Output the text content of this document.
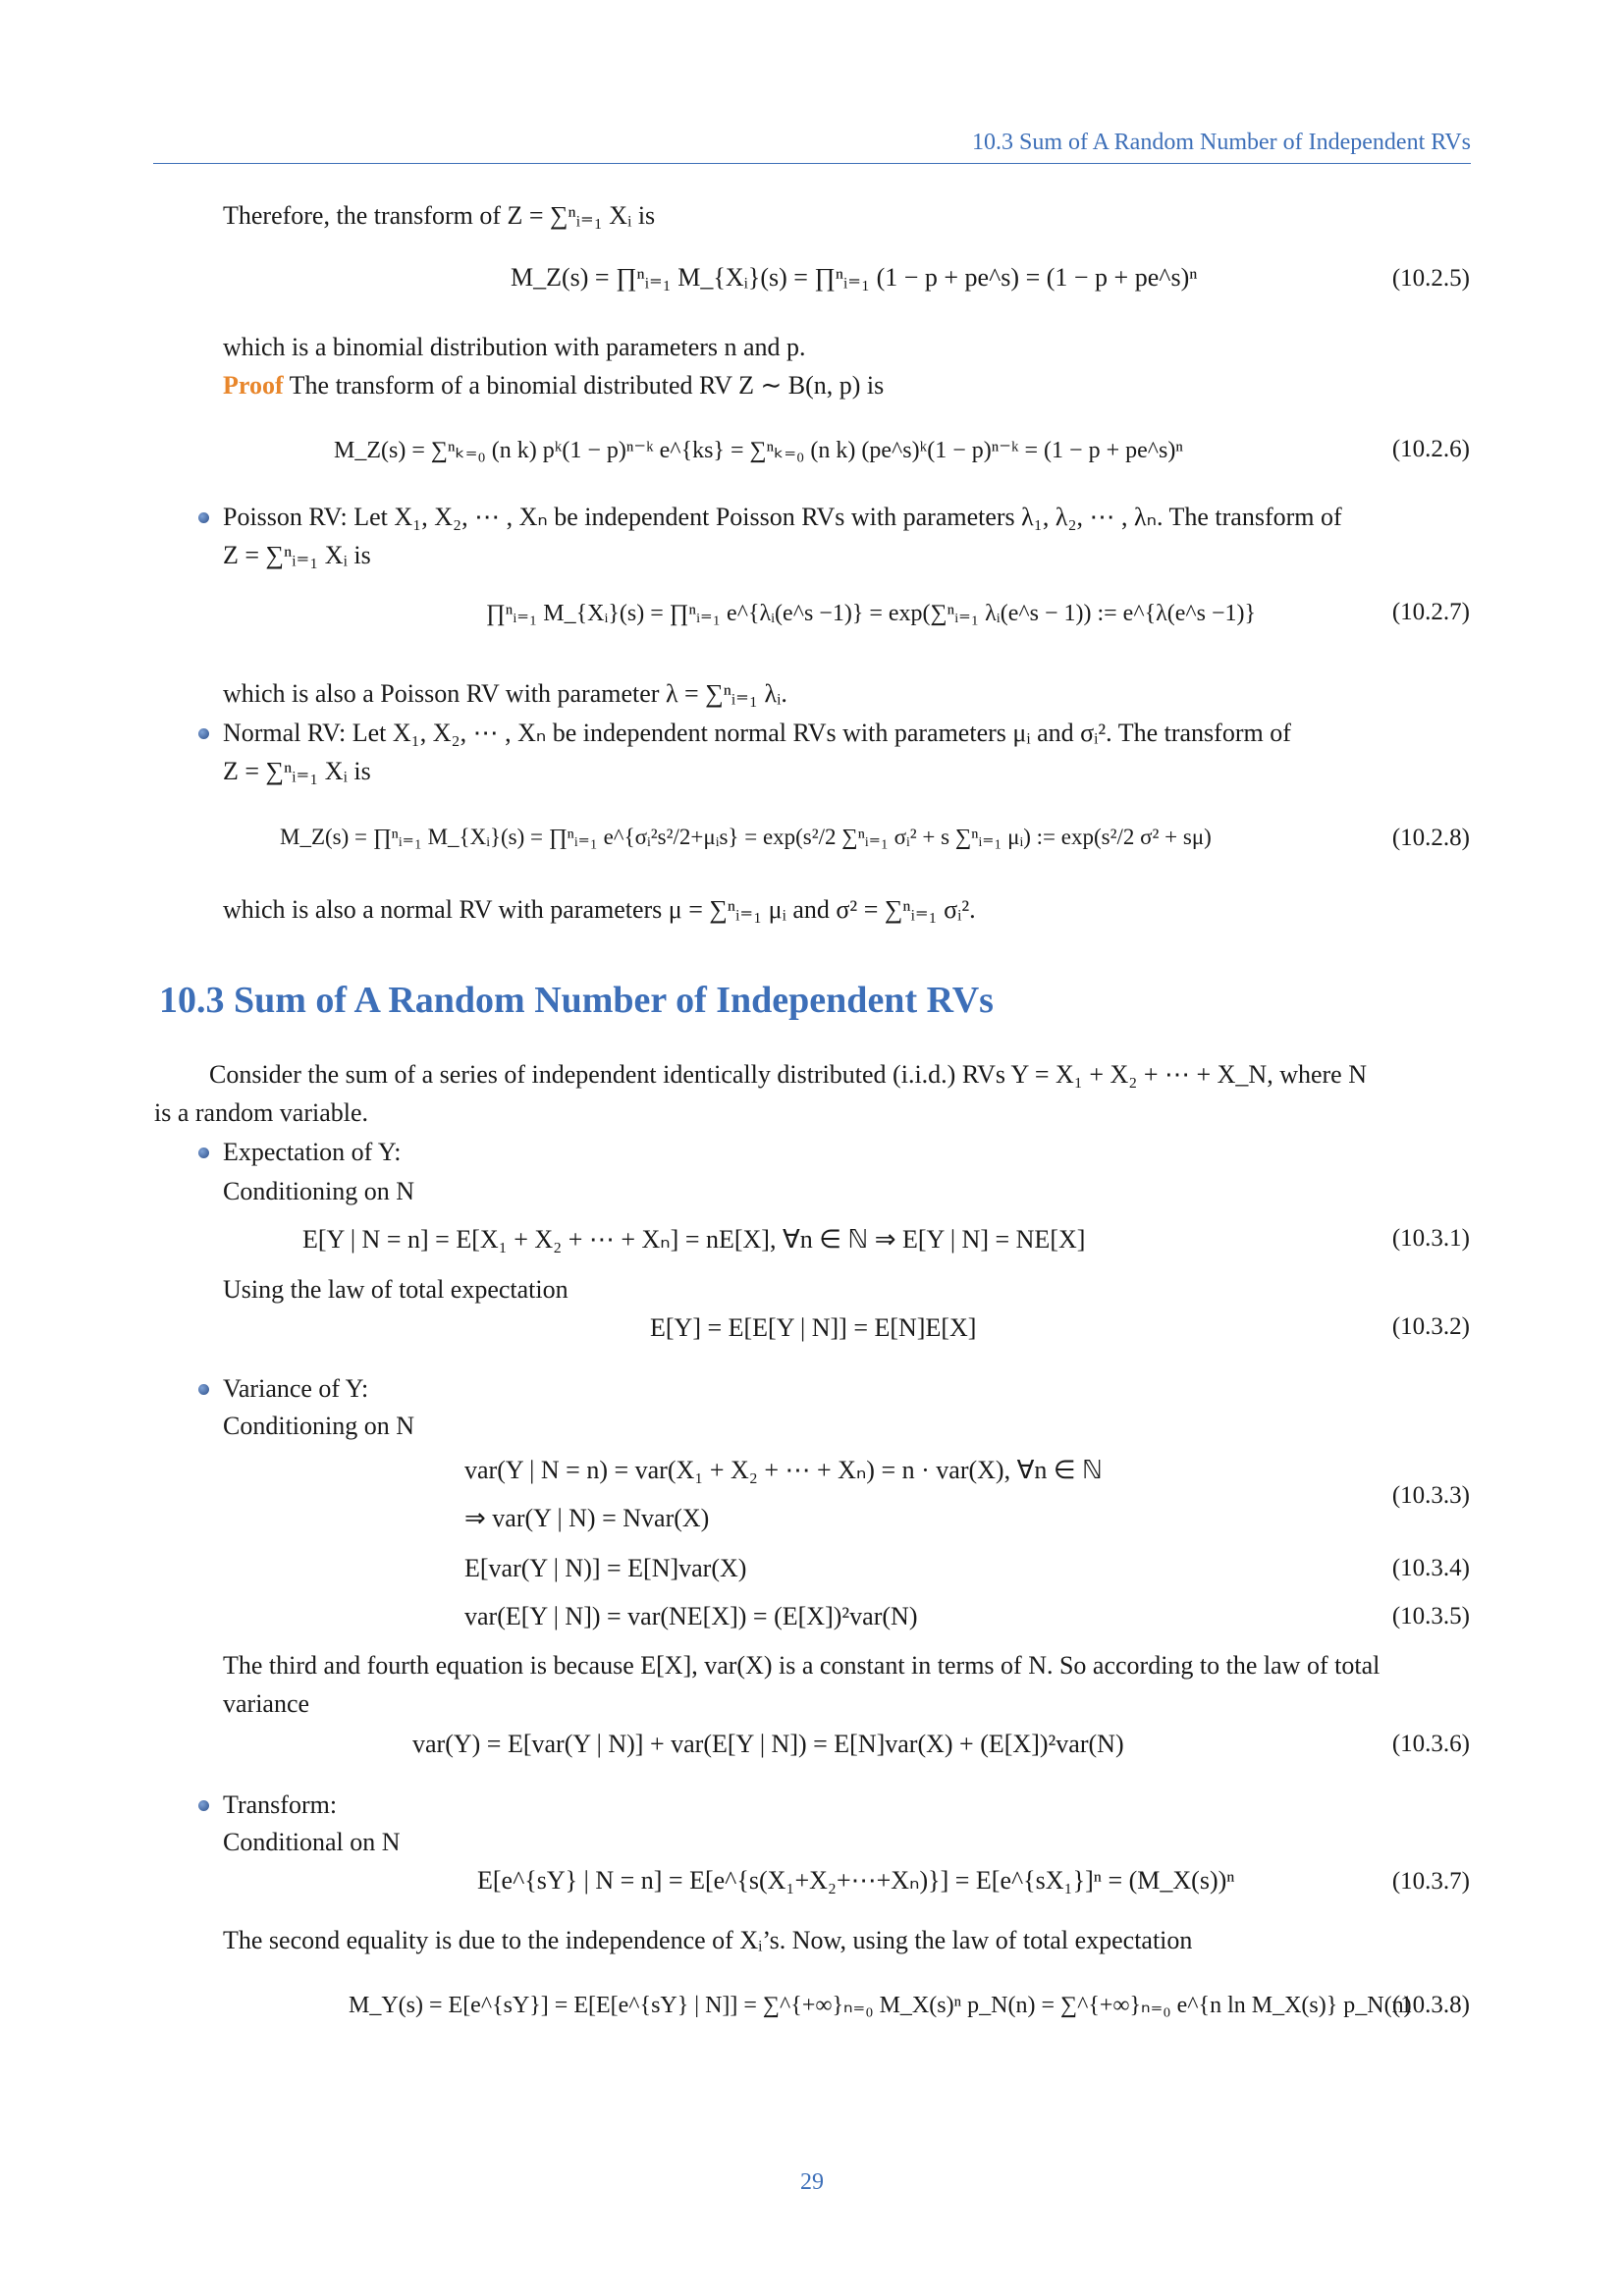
10.3 Sum of A Random Number of Independent RVs
Therefore, the transform of Z = ∑ⁿᵢ₌₁ Xᵢ is
M_Z(s) = ∏ⁿᵢ₌₁ M_{Xᵢ}(s) = ∏ⁿᵢ₌₁ (1 − p + pe^s) = (1 − p + pe^s)ⁿ	(10.2.5)
which is a binomial distribution with parameters n and p.
Proof The transform of a binomial distributed RV Z ∼ B(n, p) is
M_Z(s) = ∑ⁿₖ₌₀ (n k) pᵏ(1 − p)ⁿ⁻ᵏ e^{ks} = ∑ⁿₖ₌₀ (n k) (pe^s)ᵏ(1 − p)ⁿ⁻ᵏ = (1 − p + pe^s)ⁿ	(10.2.6)
Poisson RV: Let X₁, X₂, ⋯ , Xₙ be independent Poisson RVs with parameters λ₁, λ₂, ⋯ , λₙ. The transform of
Z = ∑ⁿᵢ₌₁ Xᵢ is
∏ⁿᵢ₌₁ M_{Xᵢ}(s) = ∏ⁿᵢ₌₁ e^{λᵢ(e^s −1)} = exp(∑ⁿᵢ₌₁ λᵢ(e^s − 1)) := e^{λ(e^s −1)}	(10.2.7)
which is also a Poisson RV with parameter λ = ∑ⁿᵢ₌₁ λᵢ.
Normal RV: Let X₁, X₂, ⋯ , Xₙ be independent normal RVs with parameters μᵢ and σᵢ². The transform of
Z = ∑ⁿᵢ₌₁ Xᵢ is
M_Z(s) = ∏ⁿᵢ₌₁ M_{Xᵢ}(s) = ∏ⁿᵢ₌₁ e^{σᵢ²s²/2+μᵢs} = exp(s²/2 ∑ⁿᵢ₌₁ σᵢ² + s ∑ⁿᵢ₌₁ μᵢ) := exp(s²/2 σ² + sμ)	(10.2.8)
which is also a normal RV with parameters μ = ∑ⁿᵢ₌₁ μᵢ and σ² = ∑ⁿᵢ₌₁ σᵢ².
10.3 Sum of A Random Number of Independent RVs
Consider the sum of a series of independent identically distributed (i.i.d.) RVs Y = X₁ + X₂ + ⋯ + X_N, where N
is a random variable.
Expectation of Y:
Conditioning on N
E[Y | N = n] = E[X₁ + X₂ + ⋯ + Xₙ] = nE[X], ∀n ∈ ℕ ⇒ E[Y | N] = NE[X]	(10.3.1)
Using the law of total expectation
E[Y] = E[E[Y | N]] = E[N]E[X]	(10.3.2)
Variance of Y:
Conditioning on N
var(Y | N = n) = var(X₁ + X₂ + ⋯ + Xₙ) = n · var(X), ∀n ∈ ℕ
⇒ var(Y | N) = Nvar(X)
(10.3.3)
E[var(Y | N)] = E[N]var(X)	(10.3.4)
var(E[Y | N]) = var(NE[X]) = (E[X])²var(N)	(10.3.5)
The third and fourth equation is because E[X], var(X) is a constant in terms of N. So according to the law of total
variance
var(Y) = E[var(Y | N)] + var(E[Y | N]) = E[N]var(X) + (E[X])²var(N)	(10.3.6)
Transform:
Conditional on N
E[e^{sY} | N = n] = E[e^{s(X₁+X₂+⋯+Xₙ)}] = E[e^{sX₁}]ⁿ = (M_X(s))ⁿ	(10.3.7)
The second equality is due to the independence of Xᵢ’s. Now, using the law of total expectation
M_Y(s) = E[e^{sY}] = E[E[e^{sY} | N]] = ∑^{+∞}ₙ₌₀ M_X(s)ⁿ p_N(n) = ∑^{+∞}ₙ₌₀ e^{n ln M_X(s)} p_N(n)
(10.3.8)
29
